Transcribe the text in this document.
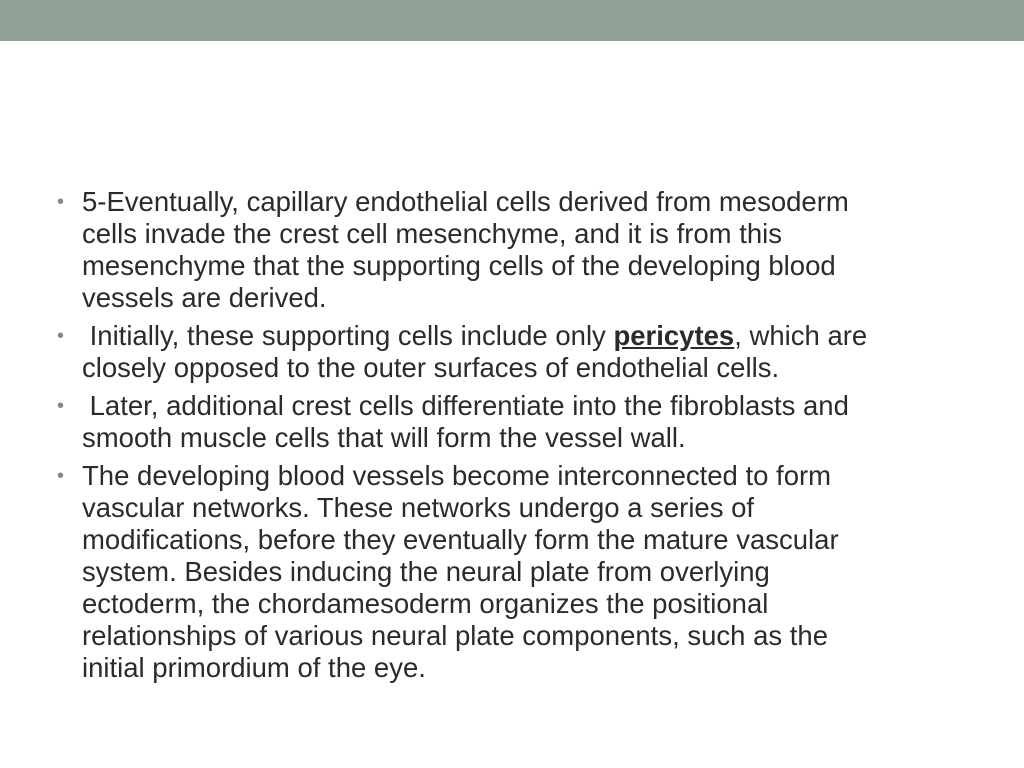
• 5-Eventually, capillary endothelial cells derived from mesoderm
cells invade the crest cell mesenchyme, and it is from this
mesenchyme that the supporting cells of the developing blood
vessels are derived.
• Initially, these supporting cells include only pericytes, which are
closely opposed to the outer surfaces of endothelial cells.
• Later, additional crest cells differentiate into the fibroblasts and
smooth muscle cells that will form the vessel wall.
• The developing blood vessels become interconnected to form
vascular networks. These networks undergo a series of
modifications, before they eventually form the mature vascular
system. Besides inducing the neural plate from overlying
ectoderm, the chordamesoderm organizes the positional
relationships of various neural plate components, such as the
initial primordium of the eye.
